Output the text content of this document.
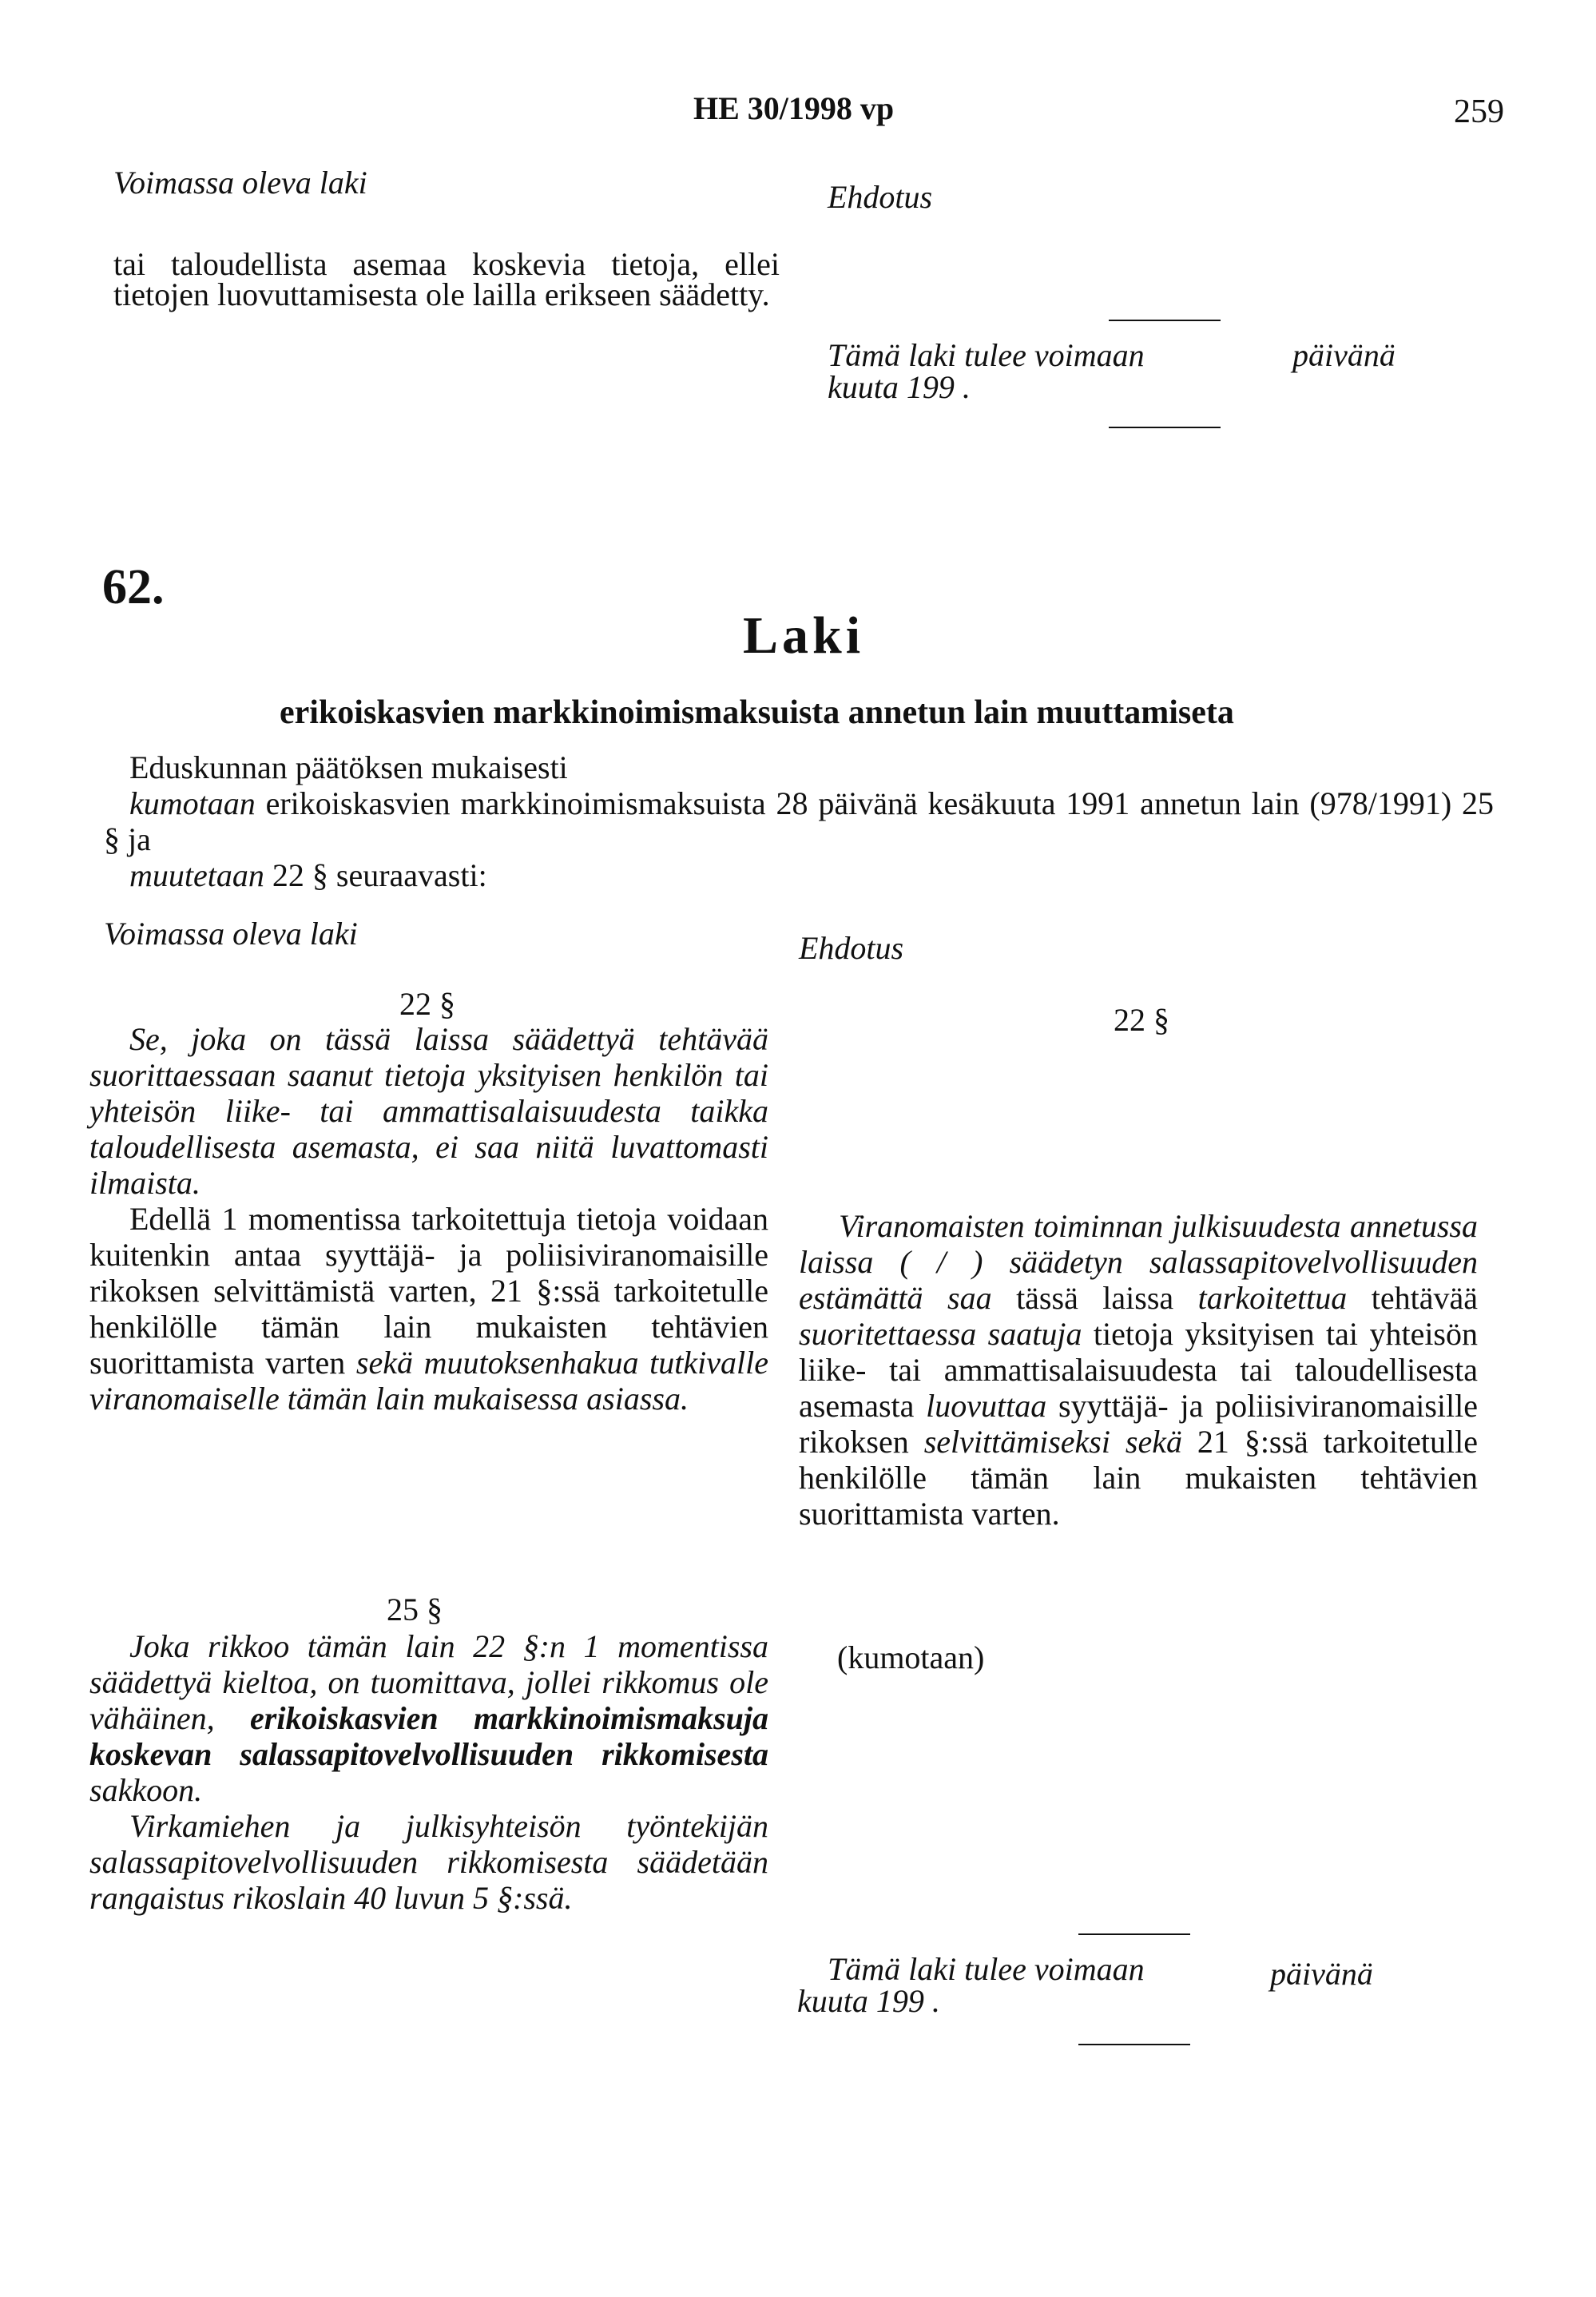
HE 30/1998 vp	259
Voimassa oleva laki	Ehdotus
tai taloudellista asemaa koskevia tietoja, ellei tietojen luovuttamisesta ole lailla erikseen säädetty.
Tämä laki tulee voimaan	päivänä
kuuta 199 .
62.
Laki
erikoiskasvien markkinoimismaksuista annetun lain muuttamiseta

Eduskunnan päätöksen mukaisesti

kumotaan erikoiskasvien markkinoimismaksuista 28 päivänä kesäkuuta 1991 annetun lain (978/1991) 25 § ja

muutetaan 22 § seuraavasti:

Voimassa oleva laki	Ehdotus
22 §

Se, joka on tässä laissa säädettyä tehtävää suorittaessaan saanut tietoja yksityisen henkilön tai yhteisön liike- tai ammattisalaisuudesta taikka taloudellisesta asemasta, ei saa niitä luvattomasti ilmaista.

Edellä 1 momentissa tarkoitettuja tietoja voidaan kuitenkin antaa syyttäjä- ja poliisiviranomaisille rikoksen selvittämistä varten, 21 §:ssä tarkoitetulle henkilölle tämän lain mukaisten tehtävien suorittamista varten sekä muutoksenhakua tutkivalle viranomaiselle tämän lain mukaisessa asiassa.

22 §
Viranomaisten toiminnan julkisuudesta annetussa laissa ( / ) säädetyn salassapitovelvollisuuden estämättä saa tässä laissa tarkoitettua tehtävää suoritettaessa saatuja tietoja yksityisen tai yhteisön liike- tai ammattisalaisuudesta tai taloudellisesta asemasta luovuttaa syyttäjä- ja poliisiviranomaisille rikoksen selvittämiseksi sekä 21 §:ssä tarkoitetulle henkilölle tämän lain mukaisten tehtävien suorittamista varten.
25 §

Joka rikkoo tämän lain 22 §:n 1 momentissa säädettyä kieltoa, on tuomittava, jollei rikkomus ole vähäinen, erikoiskasvien markkinoimismaksuja koskevan salassapitovelvollisuuden rikkomisesta sakkoon.

Virkamiehen ja julkisyhteisön työntekijän salassapitovelvollisuuden rikkomisesta säädetään rangaistus rikoslain 40 luvun 5 §:ssä.

(kumotaan)
Tämä laki tulee voimaan	päivänä
kuuta 199 .
